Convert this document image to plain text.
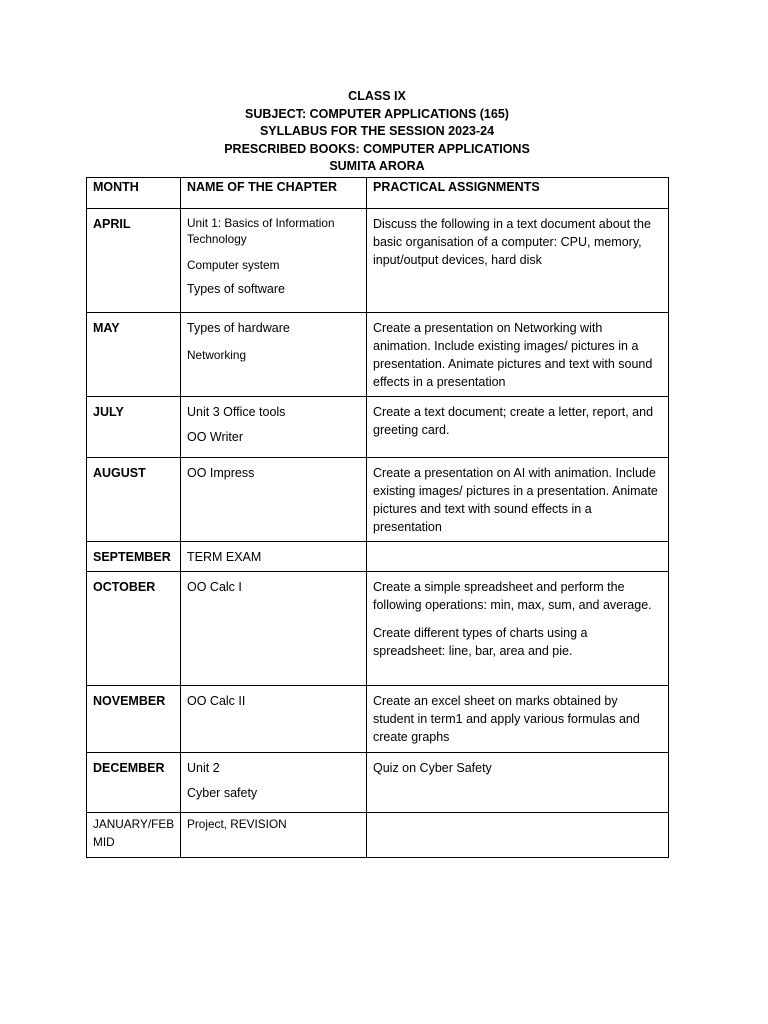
CLASS IX
SUBJECT: COMPUTER APPLICATIONS (165)
SYLLABUS FOR THE SESSION 2023-24
PRESCRIBED BOOKS: COMPUTER APPLICATIONS
SUMITA ARORA
MONTH	NAME OF THE CHAPTER	PRACTICAL ASSIGNMENTS
APRIL	Unit 1: Basics of Information Technology
Computer system
Types of software	Discuss the following in a text document about the basic organisation of a computer: CPU, memory, input/output devices, hard disk

MAY	Types of hardware
Networking	Create a presentation on Networking with animation. Include existing images/ pictures in a presentation. Animate pictures and text with sound effects in a presentation

JULY	Unit 3 Office tools
OO Writer	Create a text document; create a letter, report, and greeting card.

AUGUST	OO Impress	Create a presentation on AI with animation. Include existing images/ pictures in a presentation. Animate pictures and text with sound effects in a presentation

SEPTEMBER	TERM EXAM	

OCTOBER	OO Calc I	Create a simple spreadsheet and perform the following operations: min, max, sum, and average.
Create different types of charts using a spreadsheet: line, bar, area and pie.

NOVEMBER	OO Calc II	Create an excel sheet on marks obtained by student in term1 and apply various formulas and create graphs

DECEMBER	Unit 2
Cyber safety	Quiz on Cyber Safety

JANUARY/FEB MID	Project, REVISION	
